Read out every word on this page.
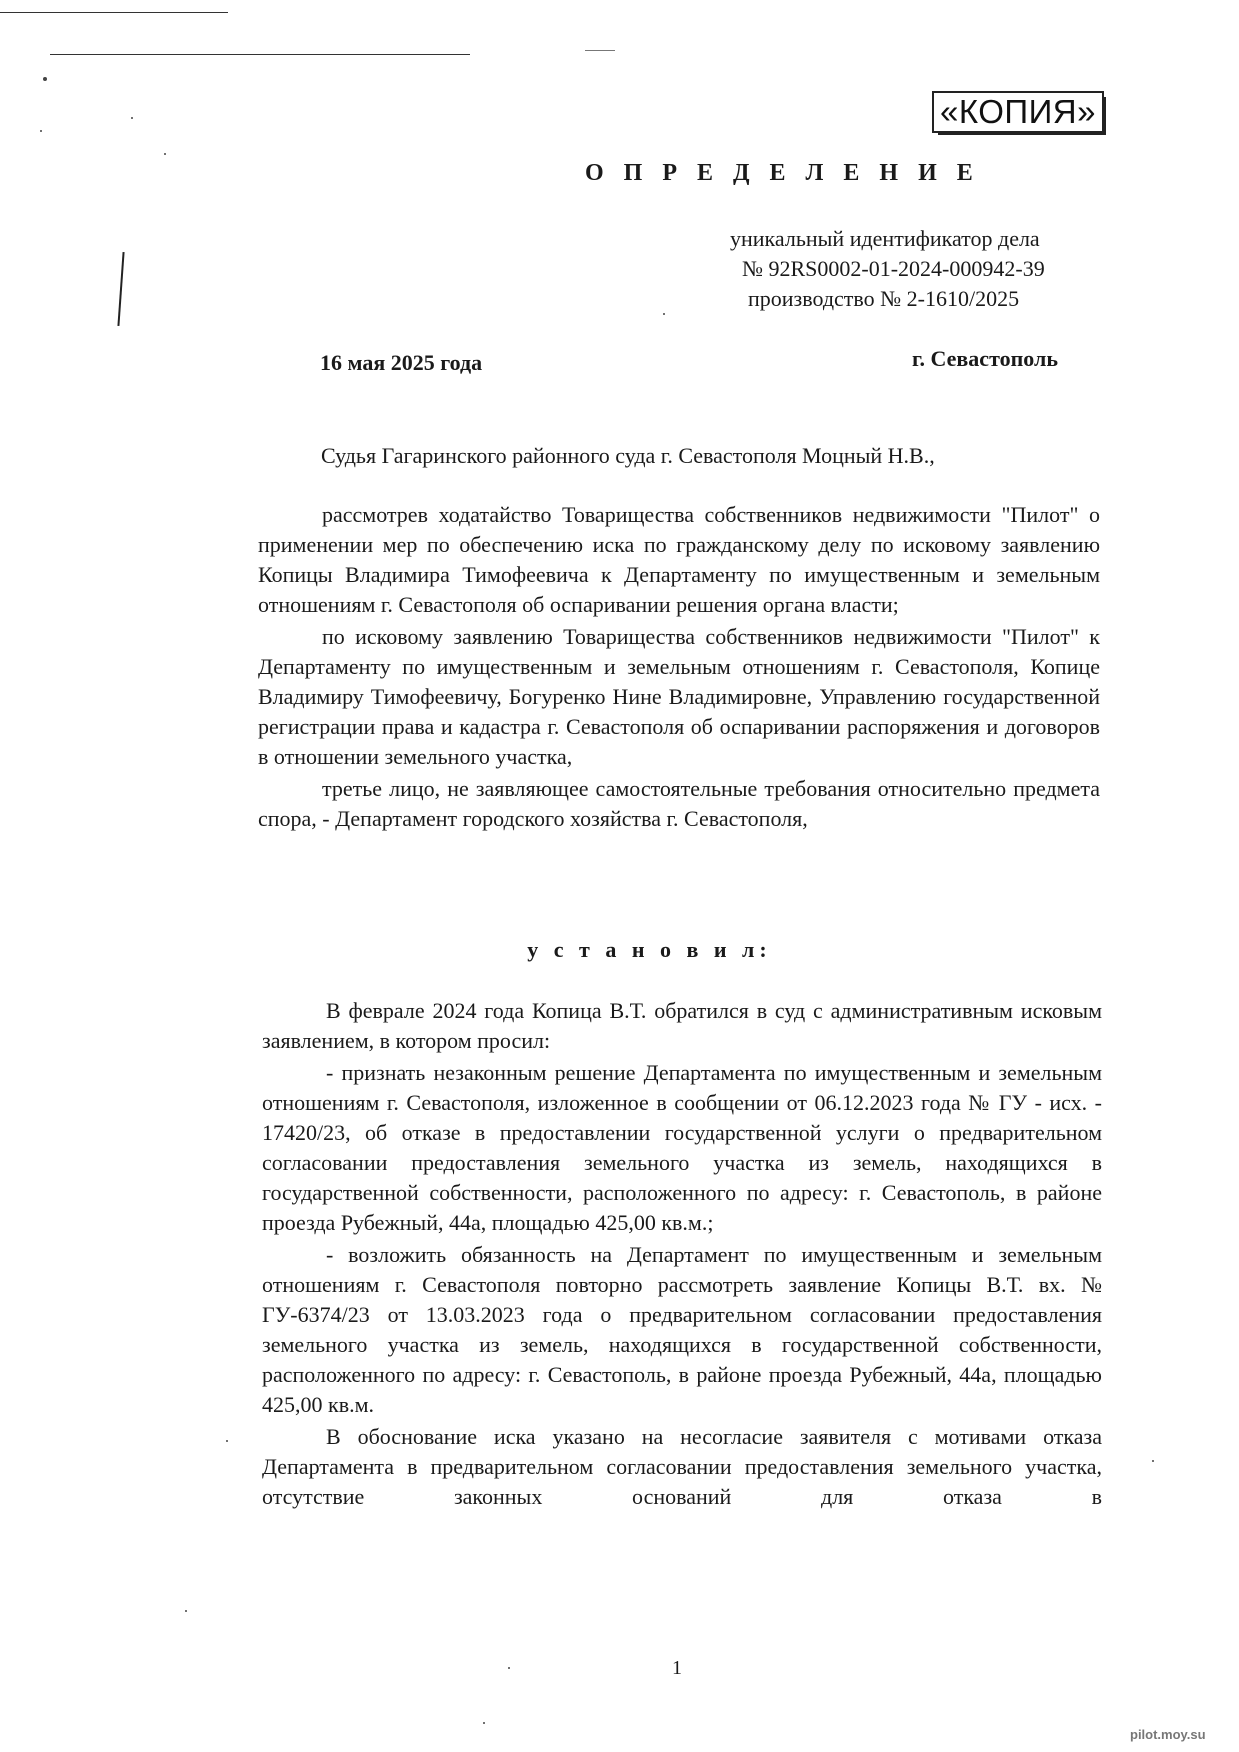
«КОПИЯ»
О П Р Е Д Е Л Е Н И Е
уникальный идентификатор дела
№ 92RS0002-01-2024-000942-39
производство № 2-1610/2025
16 мая 2025 года	г. Севастополь
Судья Гагаринского районного суда г. Севастополя Моцный Н.В.,

рассмотрев ходатайство Товарищества собственников недвижимости "Пилот" о применении мер по обеспечению иска по гражданскому делу по исковому заявлению Копицы Владимира Тимофеевича к Департаменту по имущественным и земельным отношениям г. Севастополя об оспаривании решения органа власти;

по исковому заявлению Товарищества собственников недвижимости "Пилот" к Департаменту по имущественным и земельным отношениям г. Севастополя, Копице Владимиру Тимофеевичу, Богуренко Нине Владимировне, Управлению государственной регистрации права и кадастра г. Севастополя об оспаривании распоряжения и договоров в отношении земельного участка,

третье лицо, не заявляющее самостоятельные требования относительно предмета спора, - Департамент городского хозяйства г. Севастополя,

у с т а н о в и л:

В феврале 2024 года Копица В.Т. обратился в суд с административным исковым заявлением, в котором просил:

- признать незаконным решение Департамента по имущественным и земельным отношениям г. Севастополя, изложенное в сообщении от 06.12.2023 года № ГУ - исх. - 17420/23, об отказе в предоставлении государственной услуги о предварительном согласовании предоставления земельного участка из земель, находящихся в государственной собственности, расположенного по адресу: г. Севастополь, в районе проезда Рубежный, 44а, площадью 425,00 кв.м.;

- возложить обязанность на Департамент по имущественным и земельным отношениям г. Севастополя повторно рассмотреть заявление Копицы В.Т. вх. № ГУ-6374/23 от 13.03.2023 года о предварительном согласовании предоставления земельного участка из земель, находящихся в государственной собственности, расположенного по адресу: г. Севастополь, в районе проезда Рубежный, 44а, площадью 425,00 кв.м.

В обоснование иска указано на несогласие заявителя с мотивами отказа Департамента в предварительном согласовании предоставления земельного участка, отсутствие законных оснований для отказа в

1
pilot.moy.su
